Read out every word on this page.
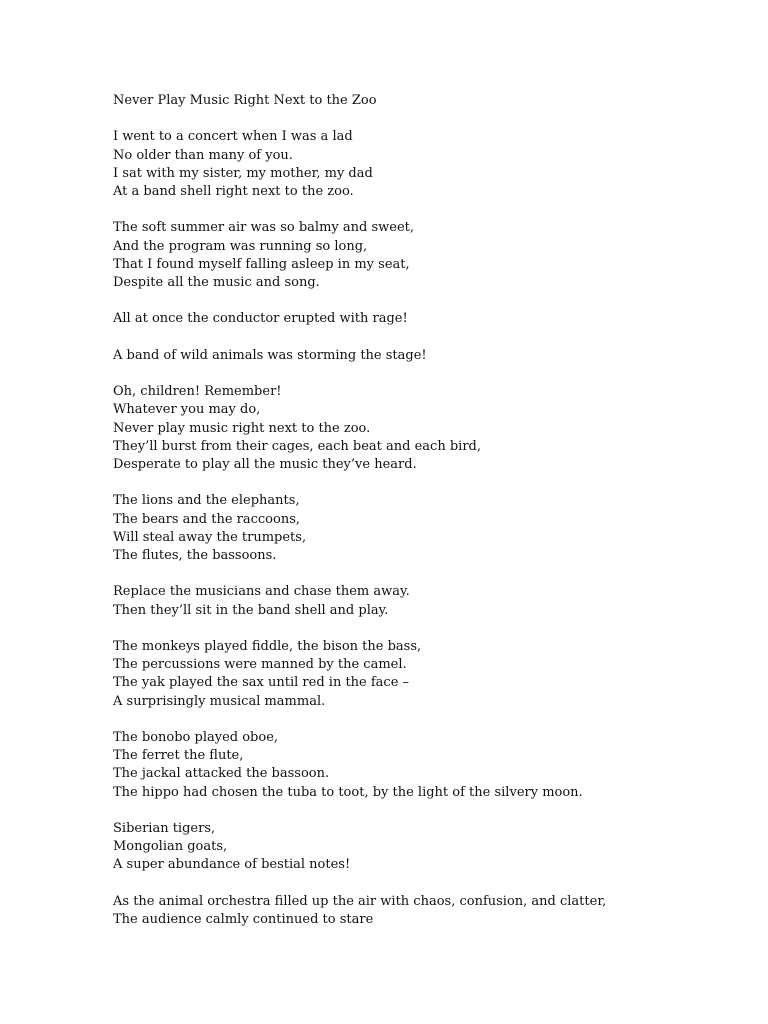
Never Play Music Right Next to the Zoo
I went to a concert when I was a lad
No older than many of you.
I sat with my sister, my mother, my dad
At a band shell right next to the zoo.
The soft summer air was so balmy and sweet,
And the program was running so long,
That I found myself falling asleep in my seat,
Despite all the music and song.
All at once the conductor erupted with rage!
A band of wild animals was storming the stage!
Oh, children! Remember!
Whatever you may do,
Never play music right next to the zoo.
They’ll burst from their cages, each beat and each bird,
Desperate to play all the music they’ve heard.
The lions and the elephants,
The bears and the raccoons,
Will steal away the trumpets,
The flutes, the bassoons.
Replace the musicians and chase them away.
Then they’ll sit in the band shell and play.
The monkeys played fiddle, the bison the bass,
The percussions were manned by the camel.
The yak played the sax until red in the face –
A surprisingly musical mammal.
The bonobo played oboe,
The ferret the flute,
The jackal attacked the bassoon.
The hippo had chosen the tuba to toot, by the light of the silvery moon.
Siberian tigers,
Mongolian goats,
A super abundance of bestial notes!
As the animal orchestra filled up the air with chaos, confusion, and clatter,
The audience calmly continued to stare
